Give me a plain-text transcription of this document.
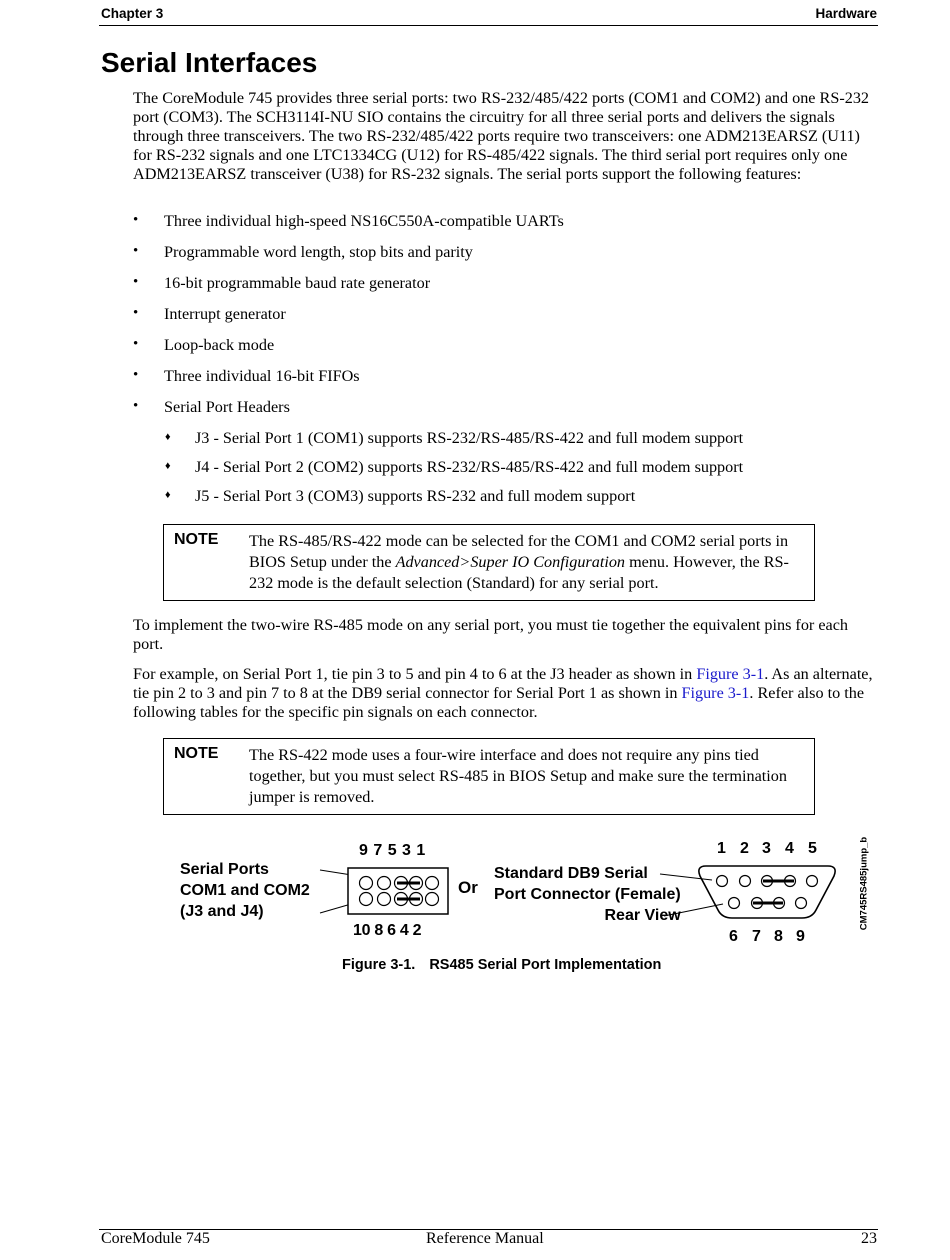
Chapter 3	Hardware
Serial Interfaces

The CoreModule 745 provides three serial ports: two RS-232/485/422 ports (COM1 and COM2) and one RS-232 port (COM3). The SCH3114I-NU SIO contains the circuitry for all three serial ports and delivers the signals through three transceivers. The two RS-232/485/422 ports require two transceivers: one ADM213EARSZ (U11) for RS-232 signals and one LTC1334CG (U12) for RS-485/422 signals. The third serial port requires only one ADM213EARSZ transceiver (U38) for RS-232 signals. The serial ports support the following features:

• Three individual high-speed NS16C550A-compatible UARTs
• Programmable word length, stop bits and parity
• 16-bit programmable baud rate generator
• Interrupt generator
• Loop-back mode
• Three individual 16-bit FIFOs
• Serial Port Headers
♦ J3 - Serial Port 1 (COM1) supports RS-232/RS-485/RS-422 and full modem support
♦ J4 - Serial Port 2 (COM2) supports RS-232/RS-485/RS-422 and full modem support
♦ J5 - Serial Port 3 (COM3) supports RS-232 and full modem support
NOTE The RS-485/RS-422 mode can be selected for the COM1 and COM2 serial ports in BIOS Setup under the Advanced>Super IO Configuration menu. However, the RS-232 mode is the default selection (Standard) for any serial port.

To implement the two-wire RS-485 mode on any serial port, you must tie together the equivalent pins for each port.

For example, on Serial Port 1, tie pin 3 to 5 and pin 4 to 6 at the J3 header as shown in Figure 3-1. As an alternate, tie pin 2 to 3 and pin 7 to 8 at the DB9 serial connector for Serial Port 1 as shown in Figure 3-1. Refer also to the following tables for the specific pin signals on each connector.

NOTE The RS-422 mode uses a four-wire interface and does not require any pins tied together, but you must select RS-485 in BIOS Setup and make sure the termination jumper is removed.

Serial Ports
COM1 and COM2
(J3 and J4)
9 7 5 3 1
10 8 6 4 2
Or
Standard DB9 Serial
Port Connector (Female)
Rear View
1 2 3 4 5
6 7 8 9
CM745RS485jump_b
Figure 3-1. RS485 Serial Port Implementation
CoreModule 745	Reference Manual	23
